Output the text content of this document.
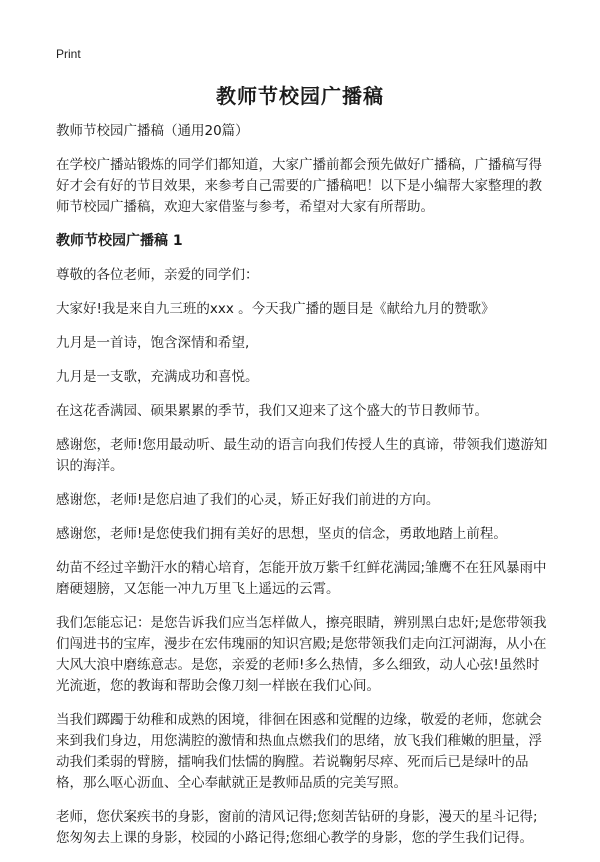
Print
教师节校园广播稿

教师节校园广播稿（通用20篇）

在学校广播站锻炼的同学们都知道，大家广播前都会预先做好广播稿，广播稿写得好才会有好的节目效果，来参考自己需要的广播稿吧！以下是小编帮大家整理的教师节校园广播稿，欢迎大家借鉴与参考，希望对大家有所帮助。

教师节校园广播稿 1

尊敬的各位老师，亲爱的同学们：

大家好!我是来自九三班的xxx 。今天我广播的题目是《献给九月的赞歌》

九月是一首诗，饱含深情和希望,

九月是一支歌，充满成功和喜悦。

在这花香满园、硕果累累的季节，我们又迎来了这个盛大的节日教师节。

感谢您，老师!您用最动听、最生动的语言向我们传授人生的真谛，带领我们遨游知识的海洋。

感谢您，老师!是您启迪了我们的心灵，矫正好我们前进的方向。

感谢您，老师!是您使我们拥有美好的思想，坚贞的信念，勇敢地踏上前程。

幼苗不经过辛勤汗水的精心培育，怎能开放万紫千红鲜花满园;雏鹰不在狂风暴雨中磨硬翅膀，又怎能一冲九万里飞上遥远的云霄。

我们怎能忘记：是您告诉我们应当怎样做人，擦亮眼睛，辨别黑白忠奸;是您带领我们闯进书的宝库，漫步在宏伟瑰丽的知识宫殿;是您带领我们走向江河湖海，从小在大风大浪中磨练意志。是您，亲爱的老师!多么热情，多么细致，动人心弦!虽然时光流逝，您的教诲和帮助会像刀刻一样嵌在我们心间。

当我们踯躅于幼稚和成熟的困境，徘徊在困惑和觉醒的边缘，敬爱的老师，您就会来到我们身边，用您满腔的激情和热血点燃我们的思绪，放飞我们稚嫩的胆量，浮动我们柔弱的臂膀，擂响我们怯懦的胸膛。若说鞠躬尽瘁、死而后已是绿叶的品格，那么呕心沥血、全心奉献就正是教师品质的完美写照。

老师，您伏案疾书的身影，窗前的清风记得;您刻苦钻研的身影，漫天的星斗记得;您匆匆去上课的身影，校园的小路记得;您细心教学的身影，您的学生我们记得。
